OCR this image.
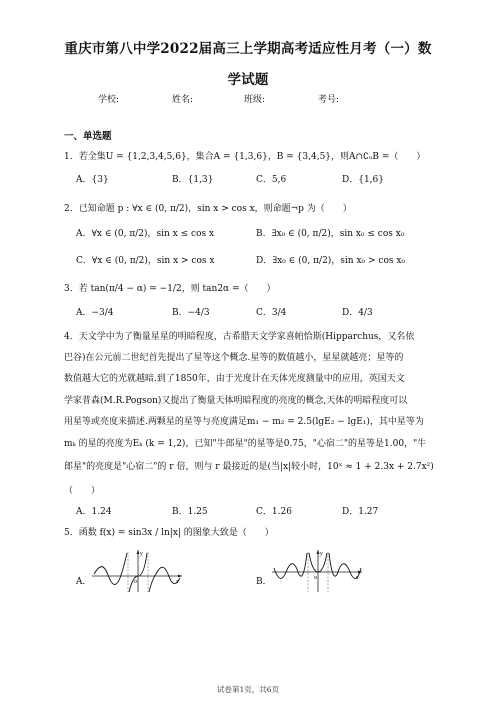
重庆市第八中学2022届高三上学期高考适应性月考（一）数
学试题
学校:	姓名:	班级:	考号:
一、单选题
1．若全集U = {1,2,3,4,5,6}，集合A = {1,3,6}，B = {3,4,5}，则A∩∁ᵤB =（　　）
A．{3}	B．{1,3}	C．5,6	D．{1,6}
2．已知命题 p : ∀x ∈ (0, π/2)，sin x > cos x，则命题¬p 为（　　）
A．∀x ∈ (0, π/2)，sin x ≤ cos x	B．∃x₀ ∈ (0, π/2)，sin x₀ ≤ cos x₀
C．∀x ∈ (0, π/2)，sin x > cos x	D．∃x₀ ∈ (0, π/2)，sin x₀ > cos x₀
3．若 tan(π/4 − α) = −1/2，则 tan2α =（　　）
A．−3/4	B．−4/3	C．3/4	D．4/3
4．天文学中为了衡量星星的明暗程度，古希腊天文学家喜帕恰斯(Hipparchus，又名依
巴谷)在公元前二世纪首先提出了星等这个概念.星等的数值越小，星星就越亮；星等的
数值越大它的光就越暗.到了1850年，由于光度计在天体光度测量中的应用，英国天文
学家普森(M.R.Pogson)又提出了衡量天体明暗程度的亮度的概念,天体的明暗程度可以
用星等或亮度来描述.两颗星的星等与亮度满足m₁ − m₂ = 2.5(lgE₂ − lgE₁)，其中星等为
mₖ 的星的亮度为Eₖ (k = 1,2)，已知"牛郎星"的星等是0.75，"心宿二"的星等是1.00，"牛
郎星"的亮度是"心宿二"的 r 倍，则与 r 最接近的是(当|x|较小时，10ˣ ≈ 1 + 2.3x + 2.7x²)
（　　）
A．1.24	B．1.25	C．1.26	D．1.27
5．函数 f(x) = sin3x / ln|x| 的图象大致是（　　）
A．	B．
o	x
y
o	x
y
试卷第1页，共6页
